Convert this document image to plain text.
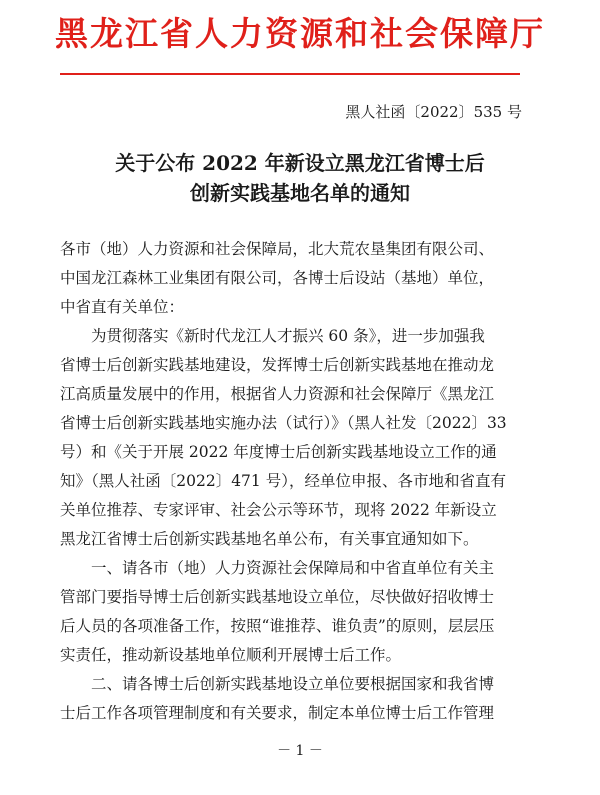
黑龙江省人力资源和社会保障厅
黑人社函〔2022〕535 号
关于公布 2022 年新设立黑龙江省博士后
创新实践基地名单的通知
各市（地）人力资源和社会保障局，北大荒农垦集团有限公司、
中国龙江森林工业集团有限公司，各博士后设站（基地）单位，
中省直有关单位：
为贯彻落实《新时代龙江人才振兴 60 条》，进一步加强我
省博士后创新实践基地建设，发挥博士后创新实践基地在推动龙
江高质量发展中的作用，根据省人力资源和社会保障厅《黑龙江
省博士后创新实践基地实施办法（试行）》（黑人社发〔2022〕33
号）和《关于开展 2022 年度博士后创新实践基地设立工作的通
知》（黑人社函〔2022〕471 号），经单位申报、各市地和省直有
关单位推荐、专家评审、社会公示等环节，现将 2022 年新设立
黑龙江省博士后创新实践基地名单公布，有关事宜通知如下。
一、请各市（地）人力资源社会保障局和中省直单位有关主
管部门要指导博士后创新实践基地设立单位，尽快做好招收博士
后人员的各项准备工作，按照“谁推荐、谁负责”的原则，层层压
实责任，推动新设基地单位顺利开展博士后工作。
二、请各博士后创新实践基地设立单位要根据国家和我省博
士后工作各项管理制度和有关要求，制定本单位博士后工作管理
－ 1 －
